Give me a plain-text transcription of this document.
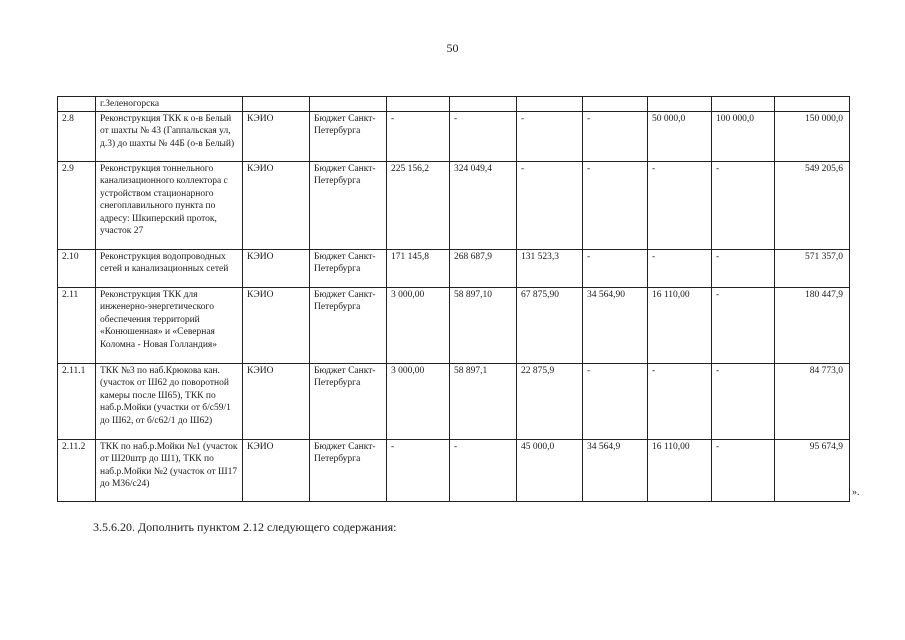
50
	г.Зеленогорска									
2.8	Реконструкция ТКК к о-в Белый от шахты № 43 (Гаппальская ул, д.3) до шахты № 44Б (о-в Белый)	КЭИО	Бюджет Санкт-Петербурга	-	-	-	-	50 000,0	100 000,0	150 000,0
2.9	Реконструкция тоннельного канализационного коллектора с устройством стационарного снегоплавильного пункта по адресу: Шкиперский проток, участок 27	КЭИО	Бюджет Санкт-Петербурга	225 156,2	324 049,4	-	-	-	-	549 205,6
2.10	Реконструкция водопроводных сетей и канализационных сетей	КЭИО	Бюджет Санкт-Петербурга	171 145,8	268 687,9	131 523,3	-	-	-	571 357,0
2.11	Реконструкция ТКК для инженерно-энергетического обеспечения территорий «Конюшенная» и «Северная Коломна - Новая Голландия»	КЭИО	Бюджет Санкт-Петербурга	3 000,00	58 897,10	67 875,90	34 564,90	16 110,00	-	180 447,9
2.11.1	ТКК №3 по наб.Крюкова кан. (участок от Ш62 до поворотной камеры после Ш65), ТКК по наб.р.Мойки (участки от б/с59/1 до Ш62, от б/с62/1 до Ш62)	КЭИО	Бюджет Санкт-Петербурга	3 000,00	58 897,1	22 875,9	-	-	-	84 773,0
2.11.2	ТКК по наб.р.Мойки №1 (участок от Ш20штр до Ш1), ТКК по наб.р.Мойки №2 (участок от Ш17 до М36/с24)	КЭИО	Бюджет Санкт-Петербурга	-	-	45 000,0	34 564,9	16 110,00	-	95 674,9
».
3.5.6.20. Дополнить пунктом 2.12 следующего содержания:
